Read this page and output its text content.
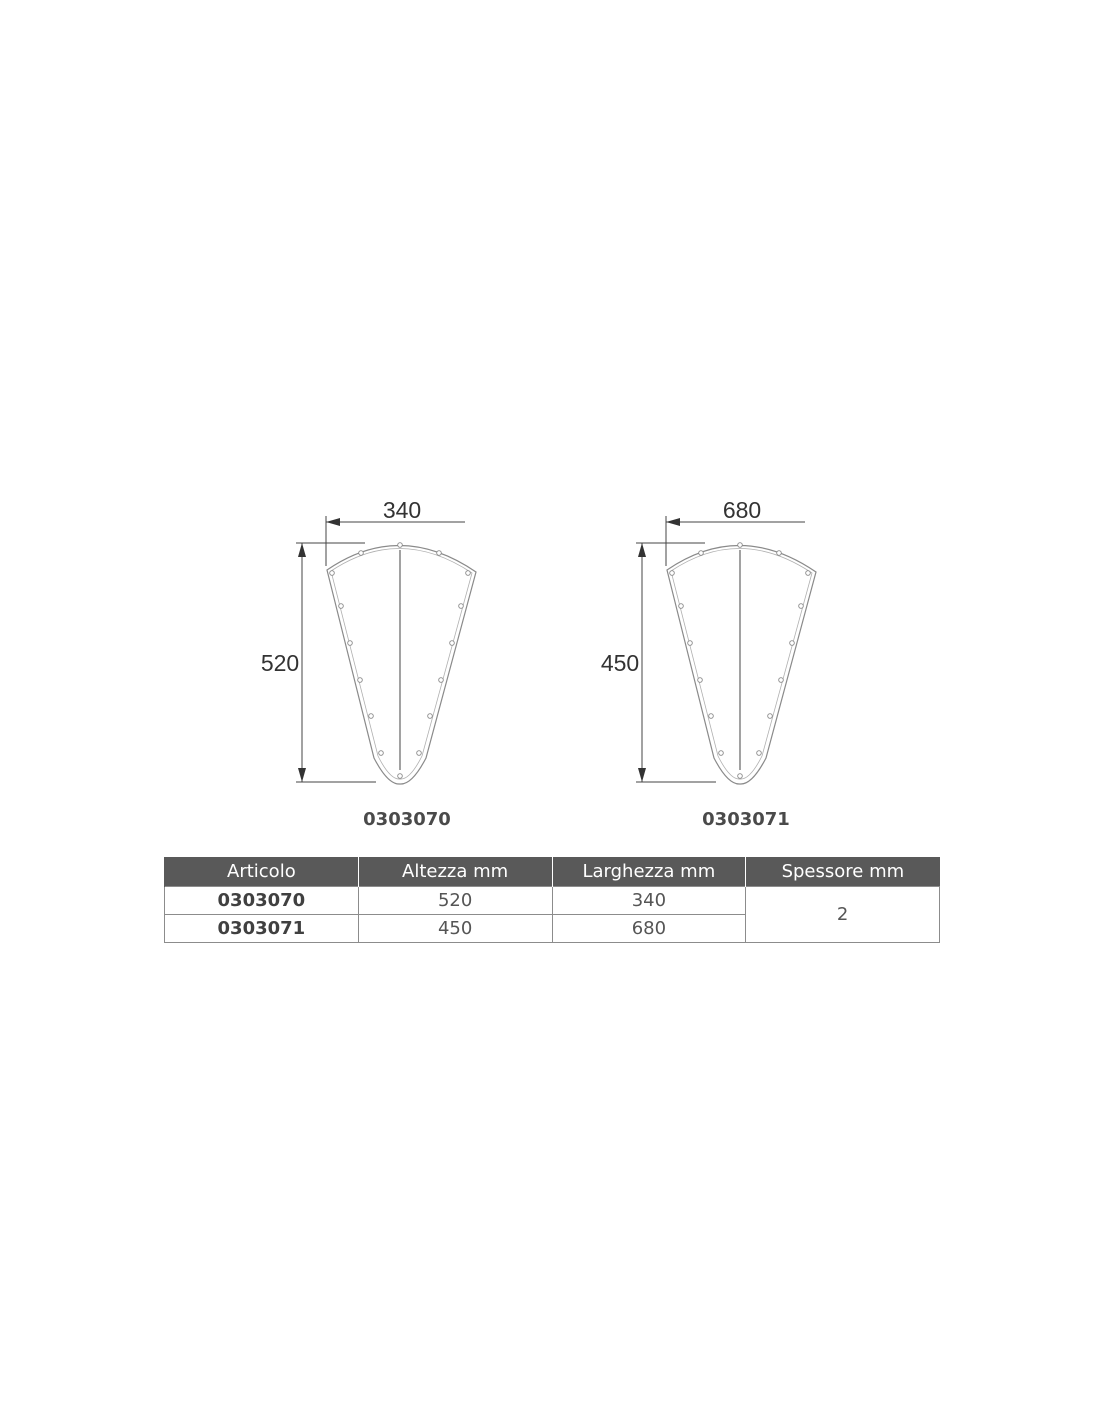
340
520
0303070
680
450
0303071
Articolo	Altezza mm	Larghezza mm	Spessore mm
0303070	520	340	2
0303071	450	680	
